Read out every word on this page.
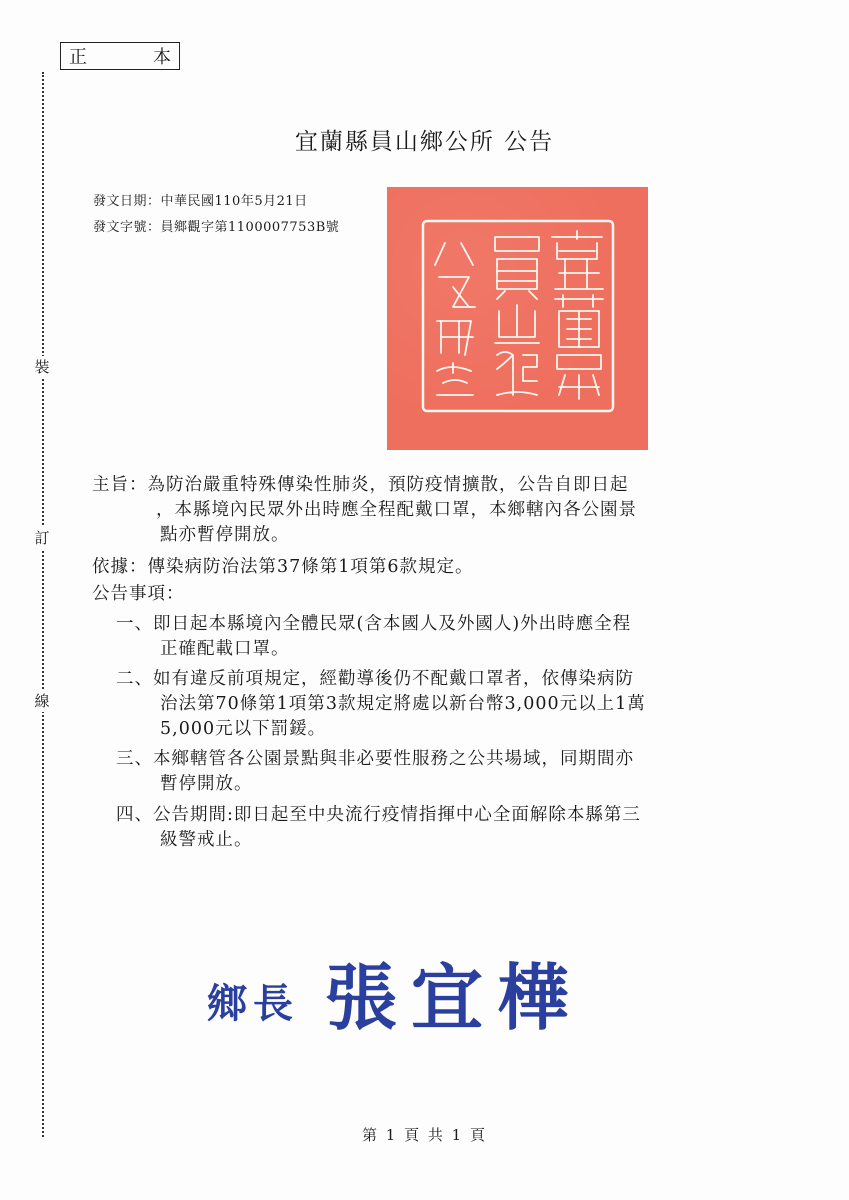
裝
訂
線
正	本
宜蘭縣員山鄉公所 公告
發文日期：中華民國110年5月21日
發文字號：員鄉觀字第1100007753B號
主旨：為防治嚴重特殊傳染性肺炎，預防疫情擴散，公告自即日起
，本縣境內民眾外出時應全程配戴口罩，本鄉轄內各公園景
點亦暫停開放。
依據：傳染病防治法第37條第1項第6款規定。
公告事項：
一、即日起本縣境內全體民眾(含本國人及外國人)外出時應全程
正確配載口罩。
二、如有違反前項規定，經勸導後仍不配戴口罩者，依傳染病防
治法第70條第1項第3款規定將處以新台幣3,000元以上1萬
5,000元以下罰鍰。
三、本鄉轄管各公園景點與非必要性服務之公共場域，同期間亦
暫停開放。
四、公告期間:即日起至中央流行疫情指揮中心全面解除本縣第三
級警戒止。
鄉長 張宜樺
第 1 頁 共 1 頁
